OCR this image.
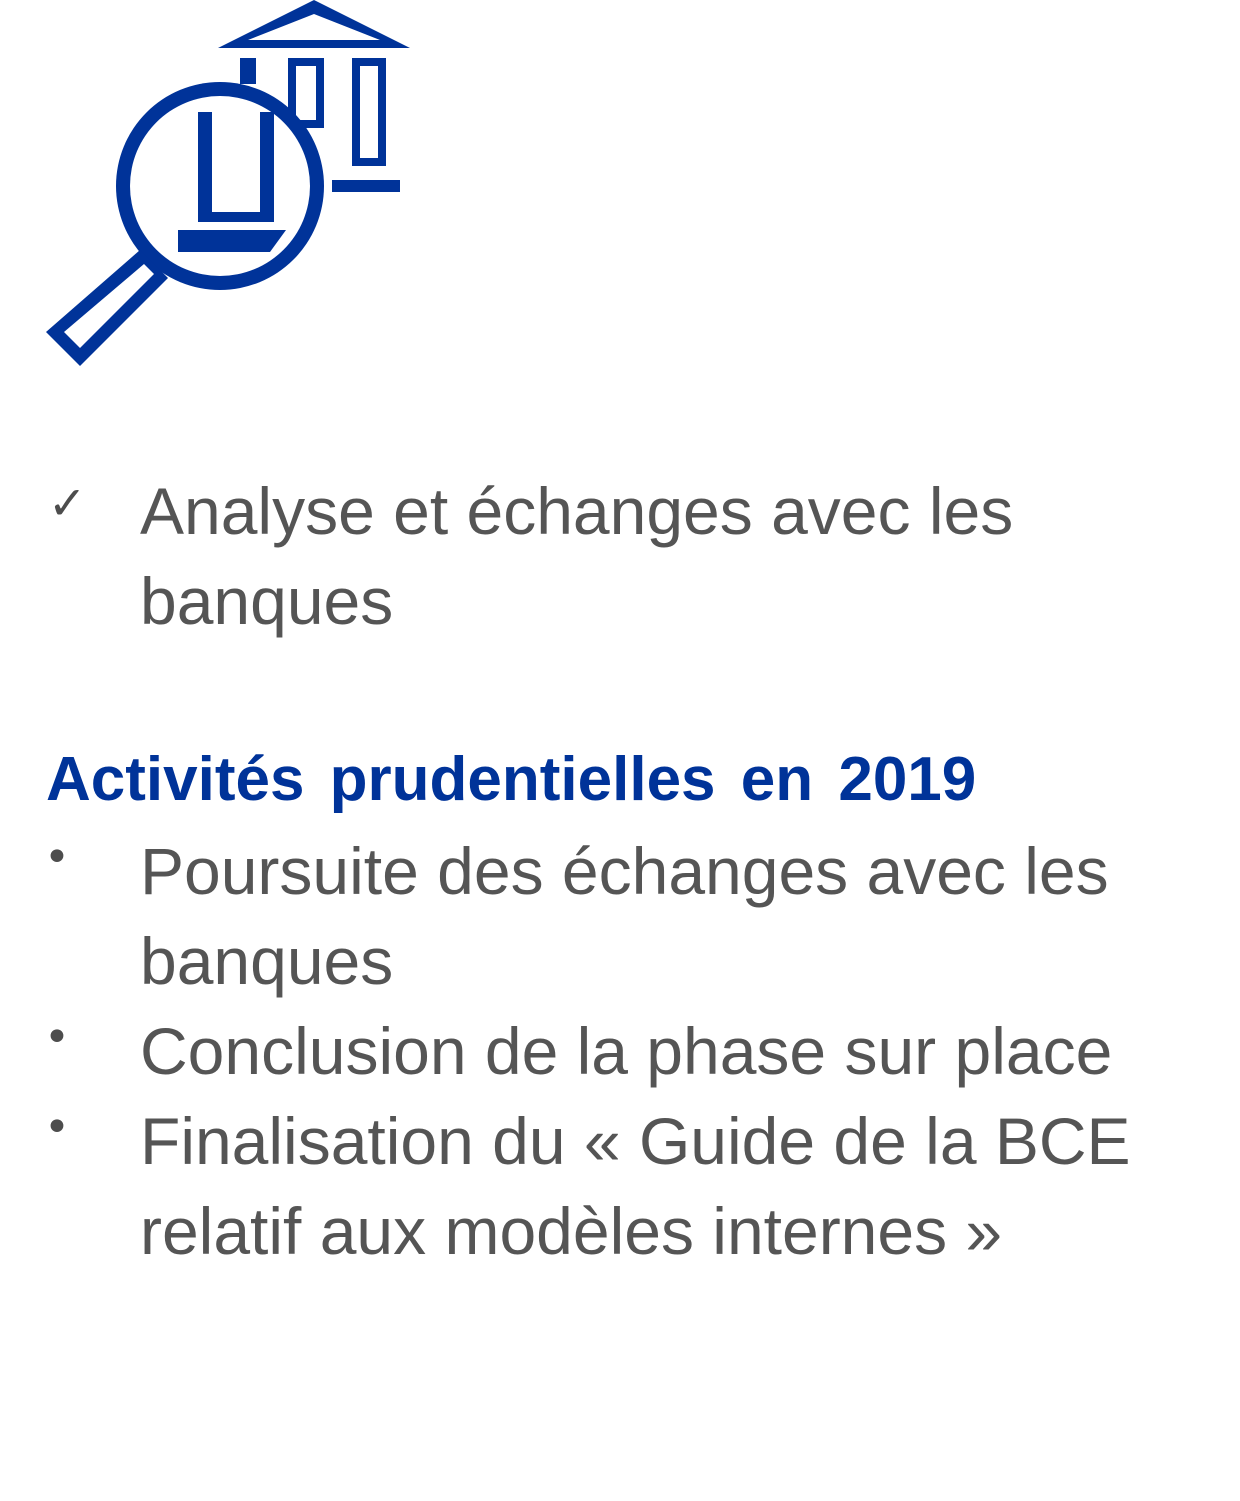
✓ Analyse et échanges avec les banques
Activités prudentielles en 2019
• Poursuite des échanges avec les banques
• Conclusion de la phase sur place
• Finalisation du « Guide de la BCE relatif aux modèles internes »
